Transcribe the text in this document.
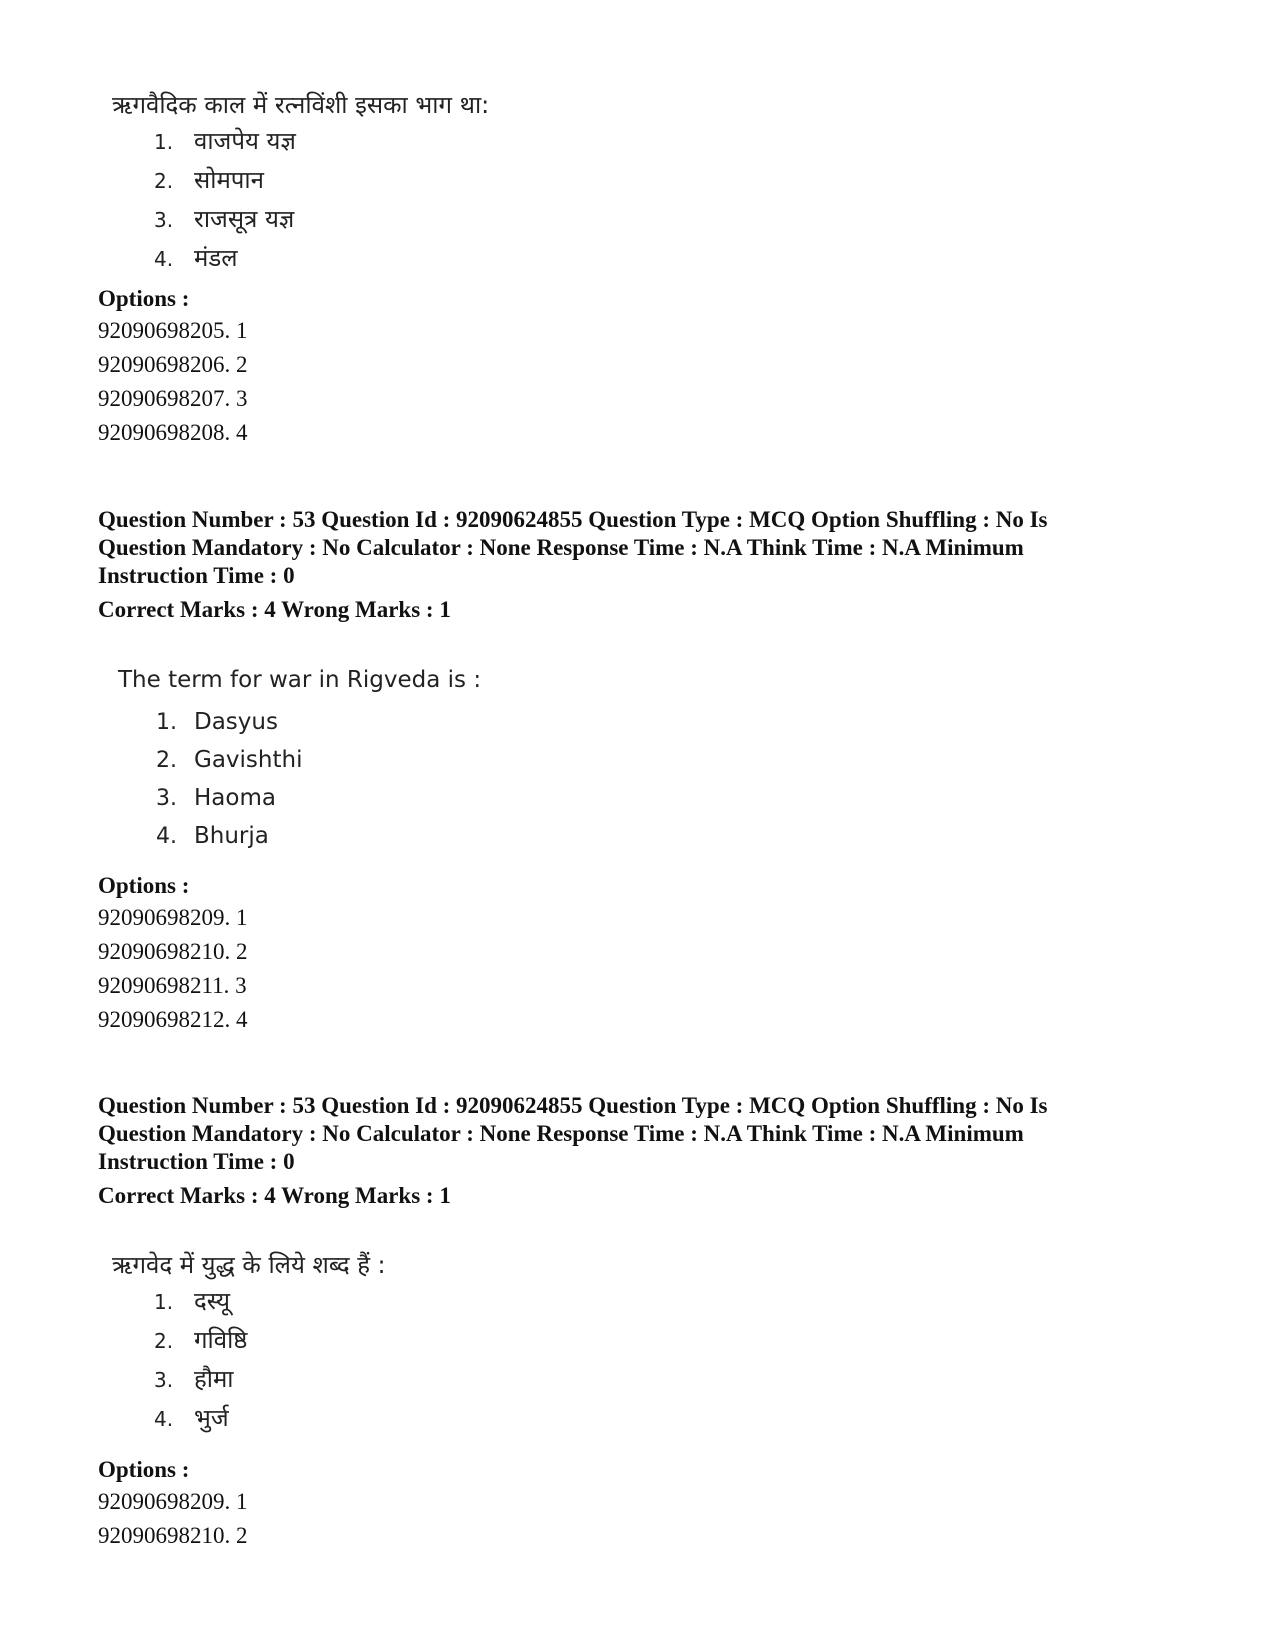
ऋगवैदिक काल में रत्नविंशी इसका भाग था:
1. वाजपेय यज्ञ
2. सोमपान
3. राजसूत्र यज्ञ
4. मंडल
Options :
92090698205. 1
92090698206. 2
92090698207. 3
92090698208. 4
Question Number : 53 Question Id : 92090624855 Question Type : MCQ Option Shuffling : No Is
Question Mandatory : No Calculator : None Response Time : N.A Think Time : N.A Minimum
Instruction Time : 0
Correct Marks : 4 Wrong Marks : 1
The term for war in Rigveda is :
1. Dasyus
2. Gavishthi
3. Haoma
4. Bhurja
Options :
92090698209. 1
92090698210. 2
92090698211. 3
92090698212. 4
Question Number : 53 Question Id : 92090624855 Question Type : MCQ Option Shuffling : No Is
Question Mandatory : No Calculator : None Response Time : N.A Think Time : N.A Minimum
Instruction Time : 0
Correct Marks : 4 Wrong Marks : 1
ऋगवेद में युद्ध के लिये शब्द हैं :
1. दस्यू
2. गविष्ठि
3. हौमा
4. भुर्ज
Options :
92090698209. 1
92090698210. 2
